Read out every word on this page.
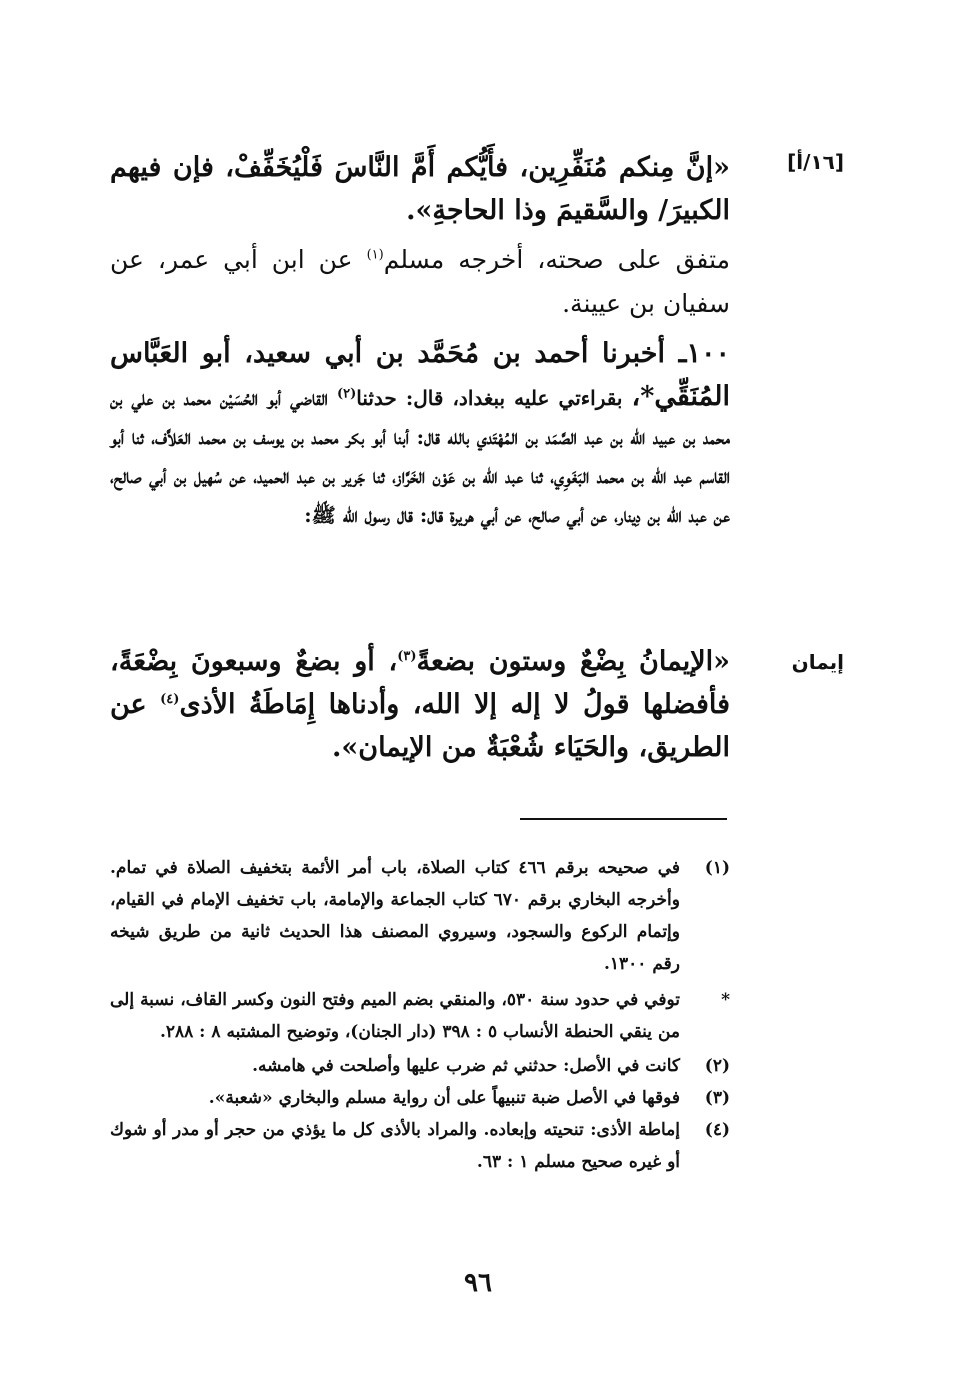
[١٦/أ]

«إنَّ مِنكم مُنَفِّرِين، فأَيُّكم أَمَّ النَّاسَ فَلْيُخَفِّفْ، فإن فيهم الكبيرَ/ والسَّقيمَ وذا الحاجةِ».

متفق على صحته، أخرجه مسلم$^{(١)}$ عن ابن أبي عمر، عن سفيان بن عيينة.

١٠٠ـ أخبرنا أحمد بن مُحَمَّد بن أبي سعيد، أبو العَبَّاس المُنَقِّي*، بقراءتي عليه ببغداد، قال: حدثنا$^{(٢)}$ القاضي أبو الحُسَيْن محمد بن علي بن محمد بن عبيد الله بن عبد الصَّمَد بن المُهْتَدي بالله قال: أبنا أبو بكر محمد بن يوسف بن محمد العَلاَّف، ثنا أبو القاسم عبد الله بن محمد البَغَوِي، ثنا عبد الله بن عَوْن الخَرَّاز، ثنا جَرير بن عبد الحميد، عن سُهيل بن أبي صالح، عن عبد الله بن دِينار، عن أبي صالح، عن أبي هريرة قال: قال رسول الله ﷺ:

إيمان

«الإيمانُ بِضْعٌ وستون بضعةً$^{(٣)}$، أو بضعٌ وسبعونَ بِضْعَةً، فأفضلها قولُ لا إله إلا الله، وأدناها إِمَاطَةُ الأذى$^{(٤)}$ عن الطريق، والحَيَاء شُعْبَةٌ من الإيمان».

(١)
في صحيحه برقم ٤٦٦ كتاب الصلاة، باب أمر الأئمة بتخفيف الصلاة في تمام. وأخرجه البخاري برقم ٦٧٠ كتاب الجماعة والإمامة، باب تخفيف الإمام في القيام، وإتمام الركوع والسجود، وسيروي المصنف هذا الحديث ثانية من طريق شيخه رقم ١٣٠٠.
*
توفي في حدود سنة ٥٣٠، والمنقي بضم الميم وفتح النون وكسر القاف، نسبة إلى من ينقي الحنطة الأنساب ٥ : ٣٩٨ (دار الجنان)، وتوضيح المشتبه ٨ : ٢٨٨.
(٢)
كانت في الأصل: حدثني ثم ضرب عليها وأصلحت في هامشه.
(٣)
فوقها في الأصل ضبة تنبيهاً على أن رواية مسلم والبخاري «شعبة».
(٤)
إماطة الأذى: تنحيته وإبعاده. والمراد بالأذى كل ما يؤذي من حجر أو مدر أو شوك أو غيره صحيح مسلم ١ : ٦٣.
٩٦
